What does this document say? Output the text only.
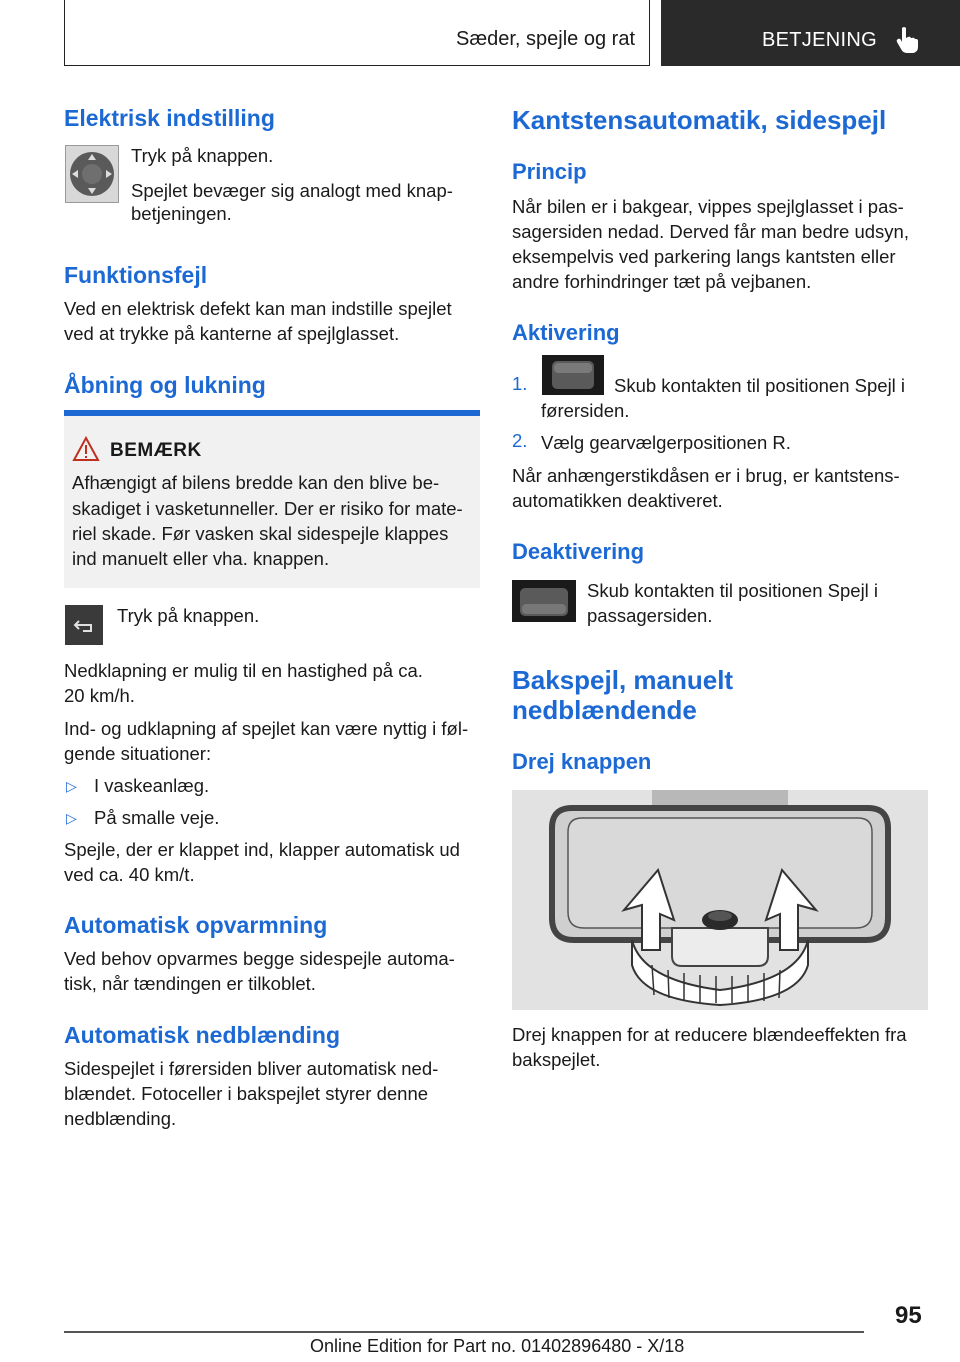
Sæder, spejle og rat	BETJENING
Elektrisk indstilling
Tryk på knappen.
Spejlet bevæger sig analogt med knap-
betjeningen.
Funktionsfejl
Ved en elektrisk defekt kan man indstille spejlet
ved at trykke på kanterne af spejlglasset.
Åbning og lukning
BEMÆRK
Afhængigt af bilens bredde kan den blive be-
skadiget i vasketunneller. Der er risiko for mate-
riel skade. Før vasken skal sidespejle klappes
ind manuelt eller vha. knappen.
Tryk på knappen.
Nedklapning er mulig til en hastighed på ca.
20 km/h.
Ind- og udklapning af spejlet kan være nyttig i føl-
gende situationer:
▷ I vaskeanlæg.
▷ På smalle veje.
Spejle, der er klappet ind, klapper automatisk ud
ved ca. 40 km/t.
Automatisk opvarmning
Ved behov opvarmes begge sidespejle automa-
tisk, når tændingen er tilkoblet.
Automatisk nedblænding
Sidespejlet i førersiden bliver automatisk ned-
blændet. Fotoceller i bakspejlet styrer denne
nedblænding.
Kantstensautomatik, sidespejl
Princip
Når bilen er i bakgear, vippes spejlglasset i pas-
sagersiden nedad. Derved får man bedre udsyn,
eksempelvis ved parkering langs kantsten eller
andre forhindringer tæt på vejbanen.
Aktivering
1.	Skub kontakten til positionen Spejl i
førersiden.
2. Vælg gearvælgerpositionen R.
Når anhængerstikdåsen er i brug, er kantstens-
automatikken deaktiveret.
Deaktivering
Skub kontakten til positionen Spejl i
passagersiden.
Bakspejl, manuelt
nedblændende
Drej knappen
Drej knappen for at reducere blændeeffekten fra
bakspejlet.
95
Online Edition for Part no. 01402896480 - X/18
